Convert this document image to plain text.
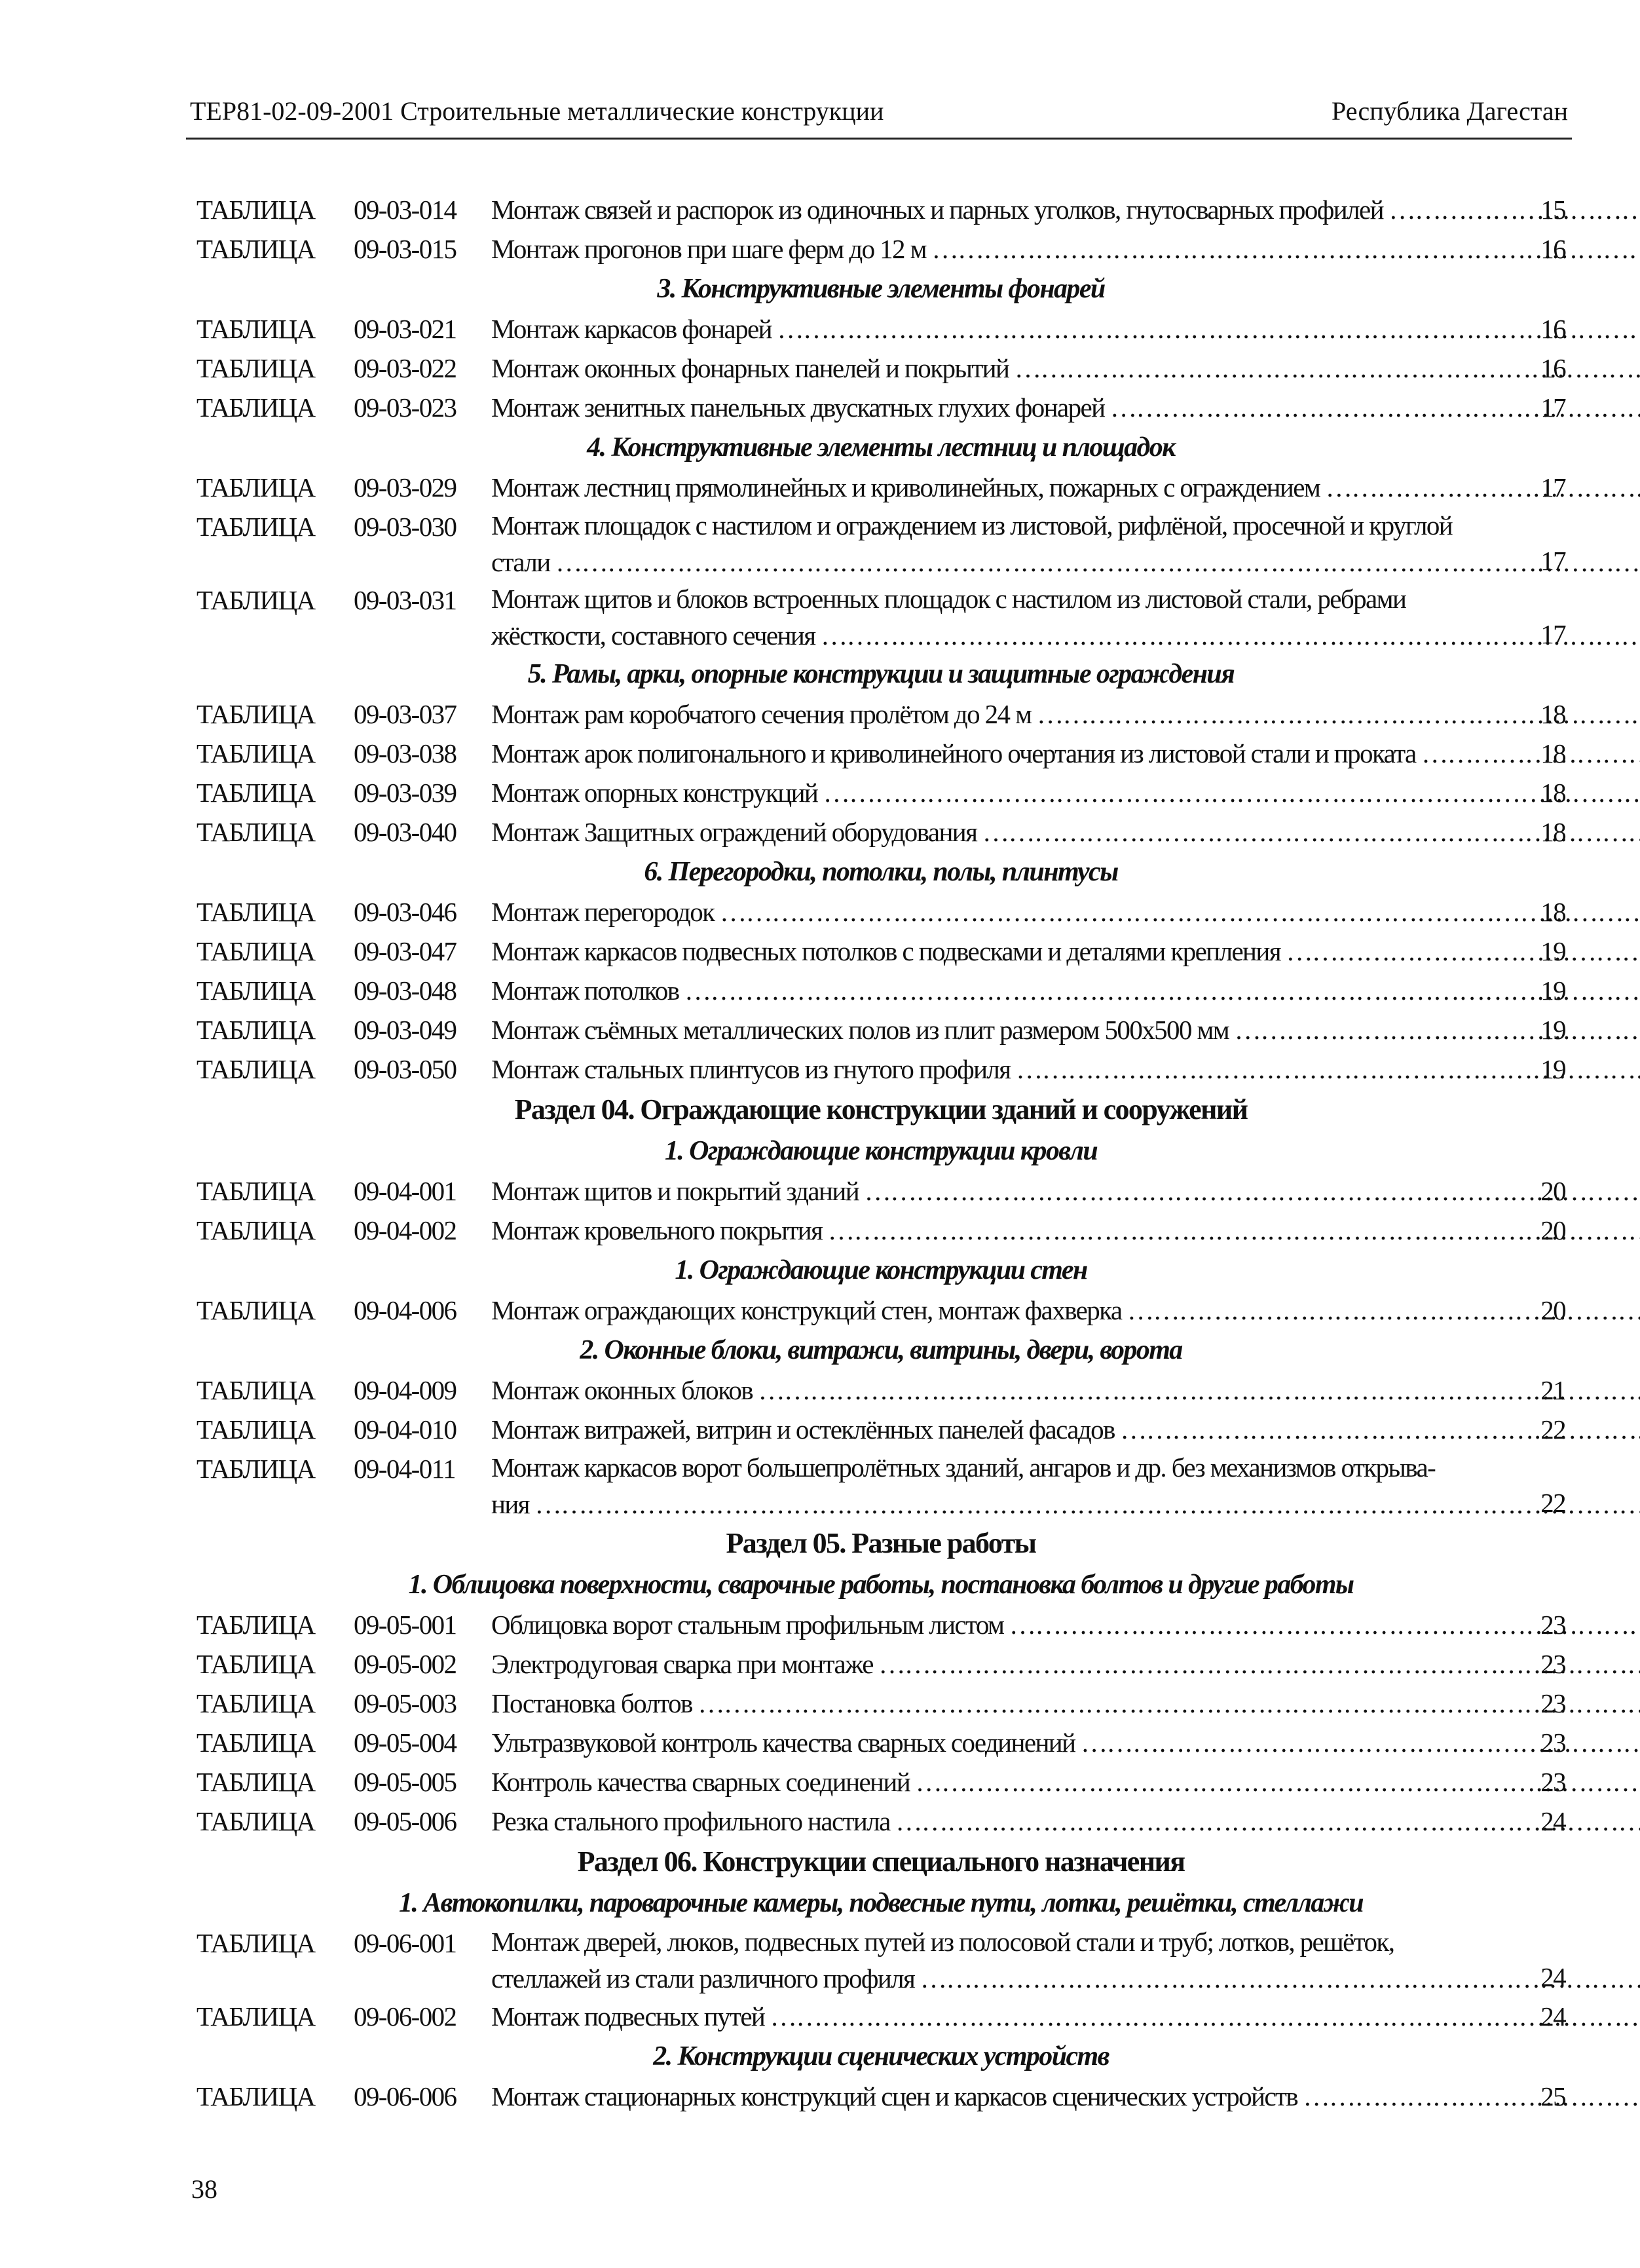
ТЕР81-02-09-2001 Строительные металлические конструкции	Республика Дагестан
ТАБЛИЦА	09-03-014	Монтаж связей и распорок из одиночных и парных уголков, гнутосварных профилей ……………………………………………………………………………………………………………………………………	15
ТАБЛИЦА	09-03-015	Монтаж прогонов при шаге ферм до 12 м ……………………………………………………………………………………………………………………………………	16
3. Конструктивные элементы фонарей
ТАБЛИЦА	09-03-021	Монтаж каркасов фонарей ……………………………………………………………………………………………………………………………………	16
ТАБЛИЦА	09-03-022	Монтаж оконных фонарных панелей и покрытий ……………………………………………………………………………………………………………………………………	16
ТАБЛИЦА	09-03-023	Монтаж зенитных панельных двускатных глухих фонарей ……………………………………………………………………………………………………………………………………	17
4. Конструктивные элементы лестниц и площадок
ТАБЛИЦА	09-03-029	Монтаж лестниц прямолинейных и криволинейных, пожарных с ограждением ……………………………………………………………………………………………………………………………………	17
ТАБЛИЦА	09-03-030	Монтаж площадок с настилом и ограждением из листовой, рифлёной, просечной и круглой
стали ……………………………………………………………………………………………………………………………………	17
ТАБЛИЦА	09-03-031	Монтаж щитов и блоков встроенных площадок с настилом из листовой стали, ребрами
жёсткости, составного сечения ……………………………………………………………………………………………………………………………………	17
5. Рамы, арки, опорные конструкции и защитные ограждения
ТАБЛИЦА	09-03-037	Монтаж рам коробчатого сечения пролётом до 24 м ……………………………………………………………………………………………………………………………………	18
ТАБЛИЦА	09-03-038	Монтаж арок полигонального и криволинейного очертания из листовой стали и проката ……………………………………………………………………………………………………………………………………	18
ТАБЛИЦА	09-03-039	Монтаж опорных конструкций ……………………………………………………………………………………………………………………………………	18
ТАБЛИЦА	09-03-040	Монтаж Защитных ограждений оборудования ……………………………………………………………………………………………………………………………………	18
6. Перегородки, потолки, полы, плинтусы
ТАБЛИЦА	09-03-046	Монтаж перегородок ……………………………………………………………………………………………………………………………………	18
ТАБЛИЦА	09-03-047	Монтаж каркасов подвесных потолков с подвесками и деталями крепления ……………………………………………………………………………………………………………………………………	19
ТАБЛИЦА	09-03-048	Монтаж потолков ……………………………………………………………………………………………………………………………………	19
ТАБЛИЦА	09-03-049	Монтаж съёмных металлических полов из плит размером 500х500 мм ……………………………………………………………………………………………………………………………………	19
ТАБЛИЦА	09-03-050	Монтаж стальных плинтусов из гнутого профиля ……………………………………………………………………………………………………………………………………	19
Раздел 04. Ограждающие конструкции зданий и сооружений
1. Ограждающие конструкции кровли
ТАБЛИЦА	09-04-001	Монтаж щитов и покрытий зданий ……………………………………………………………………………………………………………………………………	20
ТАБЛИЦА	09-04-002	Монтаж кровельного покрытия ……………………………………………………………………………………………………………………………………	20
1. Ограждающие конструкции стен
ТАБЛИЦА	09-04-006	Монтаж ограждающих конструкций стен, монтаж фахверка ……………………………………………………………………………………………………………………………………	20
2. Оконные блоки, витражи, витрины, двери, ворота
ТАБЛИЦА	09-04-009	Монтаж оконных блоков ……………………………………………………………………………………………………………………………………	21
ТАБЛИЦА	09-04-010	Монтаж витражей, витрин и остеклённых панелей фасадов ……………………………………………………………………………………………………………………………………	22
ТАБЛИЦА	09-04-011	Монтаж каркасов ворот большепролётных зданий, ангаров и др. без механизмов открыва-
ния ……………………………………………………………………………………………………………………………………	22
Раздел 05. Разные работы
1. Облицовка поверхности, сварочные работы, постановка болтов и другие работы
ТАБЛИЦА	09-05-001	Облицовка ворот стальным профильным листом ……………………………………………………………………………………………………………………………………	23
ТАБЛИЦА	09-05-002	Электродуговая сварка при монтаже ……………………………………………………………………………………………………………………………………	23
ТАБЛИЦА	09-05-003	Постановка болтов ……………………………………………………………………………………………………………………………………	23
ТАБЛИЦА	09-05-004	Ультразвуковой контроль качества сварных соединений ……………………………………………………………………………………………………………………………………	23
ТАБЛИЦА	09-05-005	Контроль качества сварных соединений ……………………………………………………………………………………………………………………………………	23
ТАБЛИЦА	09-05-006	Резка стального профильного настила ……………………………………………………………………………………………………………………………………	24
Раздел 06. Конструкции специального назначения
1. Автокопилки, пароварочные камеры, подвесные пути, лотки, решётки, стеллажи
ТАБЛИЦА	09-06-001	Монтаж дверей, люков, подвесных путей из полосовой стали и труб; лотков, решёток,
стеллажей из стали различного профиля ……………………………………………………………………………………………………………………………………	24
ТАБЛИЦА	09-06-002	Монтаж подвесных путей ……………………………………………………………………………………………………………………………………	24
2. Конструкции сценических устройств
ТАБЛИЦА	09-06-006	Монтаж стационарных конструкций сцен и каркасов сценических устройств ……………………………………………………………………………………………………………………………………	25
38
